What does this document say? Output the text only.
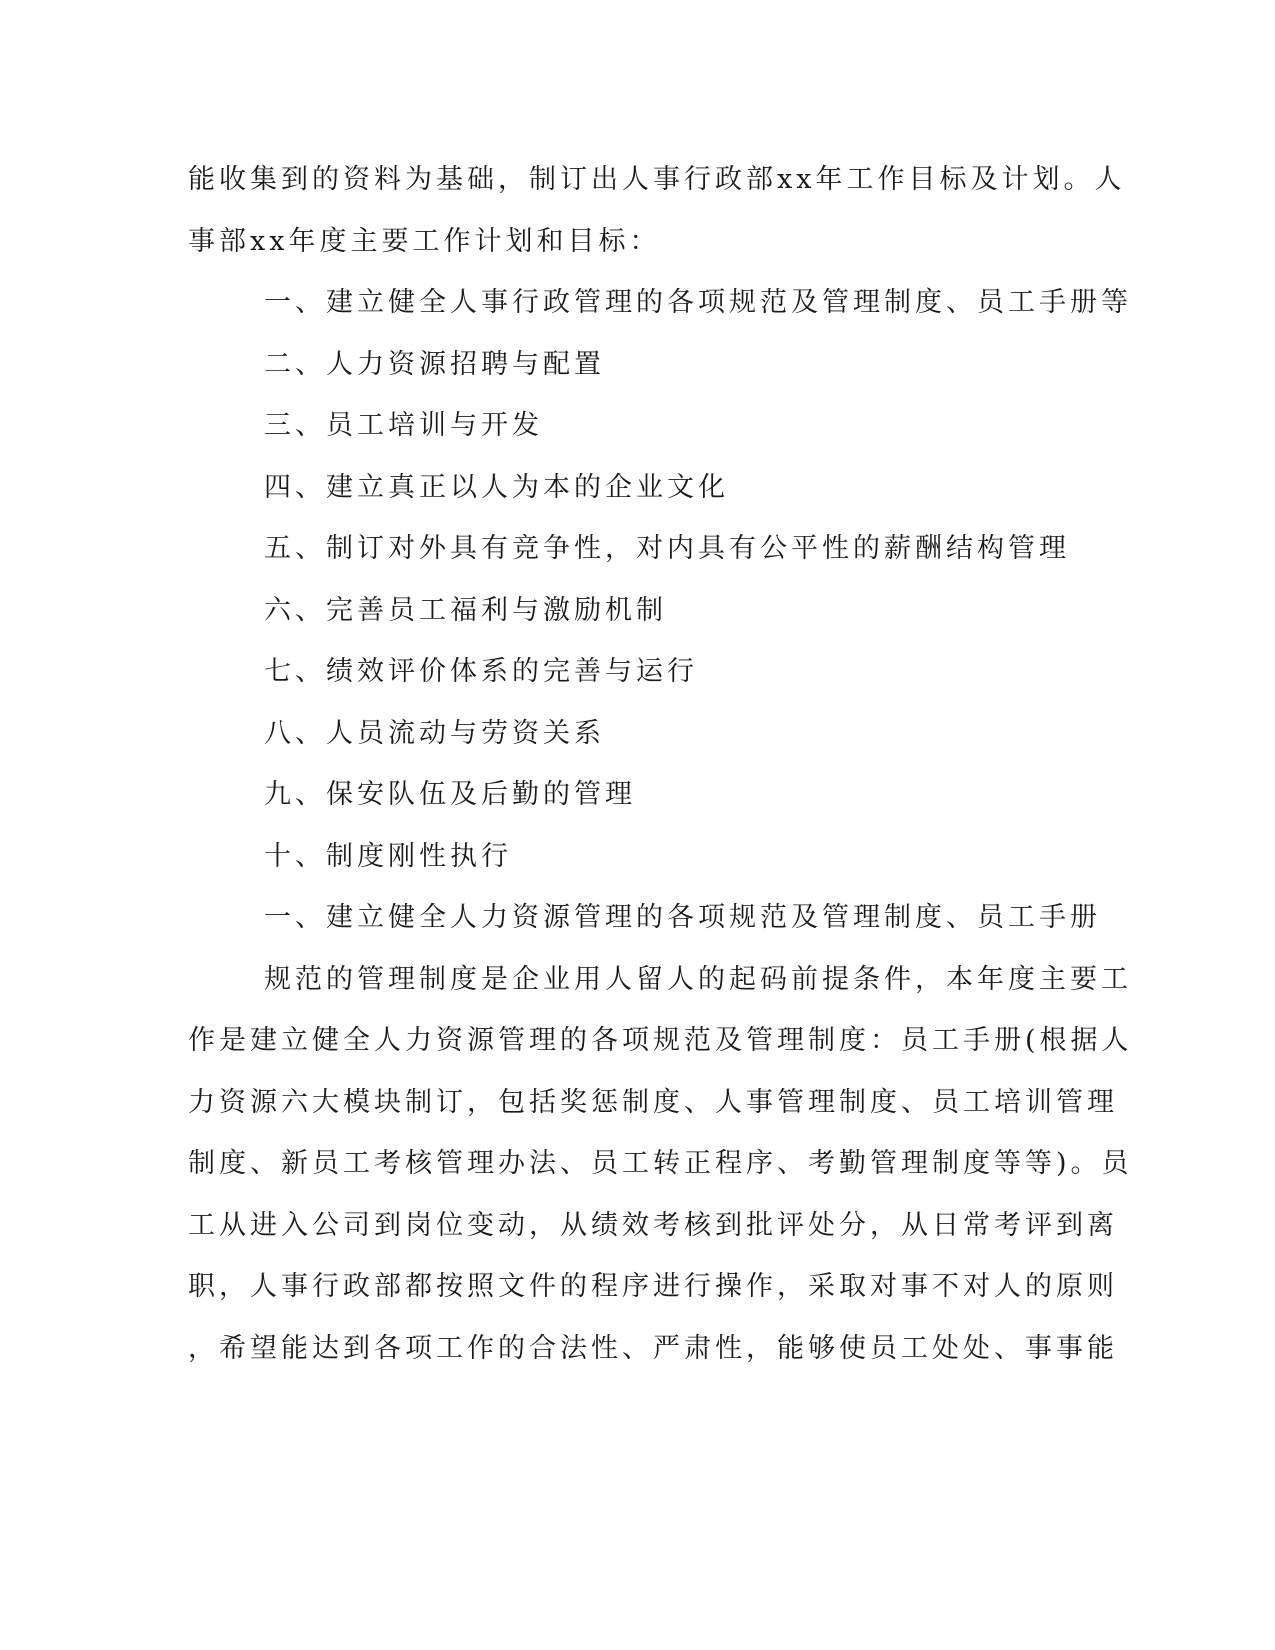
能收集到的资料为基础，制订出人事行政部xx年工作目标及计划。人
事部xx年度主要工作计划和目标：
一、建立健全人事行政管理的各项规范及管理制度、员工手册等
二、人力资源招聘与配置
三、员工培训与开发
四、建立真正以人为本的企业文化
五、制订对外具有竞争性，对内具有公平性的薪酬结构管理
六、完善员工福利与激励机制
七、绩效评价体系的完善与运行
八、人员流动与劳资关系
九、保安队伍及后勤的管理
十、制度刚性执行
一、建立健全人力资源管理的各项规范及管理制度、员工手册
规范的管理制度是企业用人留人的起码前提条件，本年度主要工
作是建立健全人力资源管理的各项规范及管理制度：员工手册(根据人
力资源六大模块制订，包括奖惩制度、人事管理制度、员工培训管理
制度、新员工考核管理办法、员工转正程序、考勤管理制度等等)。员
工从进入公司到岗位变动，从绩效考核到批评处分，从日常考评到离
职，人事行政部都按照文件的程序进行操作，采取对事不对人的原则
，希望能达到各项工作的合法性、严肃性，能够使员工处处、事事能
